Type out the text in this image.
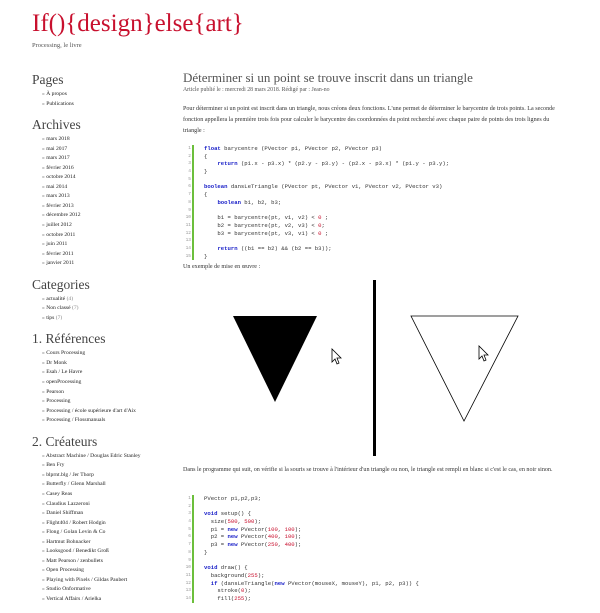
If(){design}else{art}
Processing, le livre
Pages
» À propos
» Publications
Archives
» mars 2018
» mai 2017
» mars 2017
» février 2016
» octobre 2014
» mai 2014
» mars 2013
» février 2013
» décembre 2012
» juillet 2012
» octobre 2011
» juin 2011
» février 2011
» janvier 2011
Categories
» actualité (4)
» Non classé (7)
» tips (7)
1. Références
» Cours Processing
» Dr Monk
» Esah / Le Havre
» openProcessing
» Pearson
» Processing
» Processing / école supérieure d'art d'Aix
» Processing / Flossmanuals
2. Créateurs
» Abstract Machine / Douglas Edric Stanley
» Ben Fry
» blprnt.blg / Jer Thorp
» Butterfly / Glenn Marshall
» Casey Reas
» Claudius Lazzeroni
» Daniel Shiffman
» Flight404 / Robert Hodgin
» Flong / Golan Levin & Co
» Hartmut Bohnacker
» Looksgood / Benedikt Groß
» Matt Pearson / zenbullets
» Open Processing
» Playing with Pixels / Gildas Paubert
» Studio Onformative
» Vertical Affairs / Arielka
Déterminer si un point se trouve inscrit dans un triangle
Article publié le : mercredi 28 mars 2018. Rédigé par : Jean-no

Pour déterminer si un point est inscrit dans un triangle, nous créons deux fonctions. L'une permet de déterminer le barycentre de trois points. La seconde fonction appellera la première trois fois pour calculer le barycentre des coordonnées du point recherché avec chaque paire de points des trois lignes du triangle :

1 float barycentre (PVector p1, PVector p2, PVector p3)
2 {
3	return (p1.x - p3.x) * (p2.y - p3.y) - (p2.x - p3.x) * (p1.y - p3.y);
4 }
5
6 boolean dansLeTriangle (PVector pt, PVector v1, PVector v2, PVector v3)
7 {
8	boolean b1, b2, b3;
9
10 b1 = barycentre(pt, v1, v2) < 0 ;
11 b2 = barycentre(pt, v2, v3) < 0;
12 b3 = barycentre(pt, v3, v1) < 0 ;
13
14	return ((b1 == b2) && (b2 == b3));
15 }
Un exemple de mise en œuvre :

Dans le programme qui suit, on vérifie si la souris se trouve à l'intérieur d'un triangle ou non, le triangle est rempli en blanc si c'est le cas, en noir sinon.

1 PVector p1,p2,p3;
2
3 void setup() {
4 size(500, 500);
5 p1 = new PVector(100, 100);
6 p2 = new PVector(400, 100);
7 p3 = new PVector(250, 400);
8 }
9
10 void draw() {
11 background(255);
12	if (dansLeTriangle(new PVector(mouseX, mouseY), p1, p2, p3)) {
13 stroke(0);
14 fill(255);
